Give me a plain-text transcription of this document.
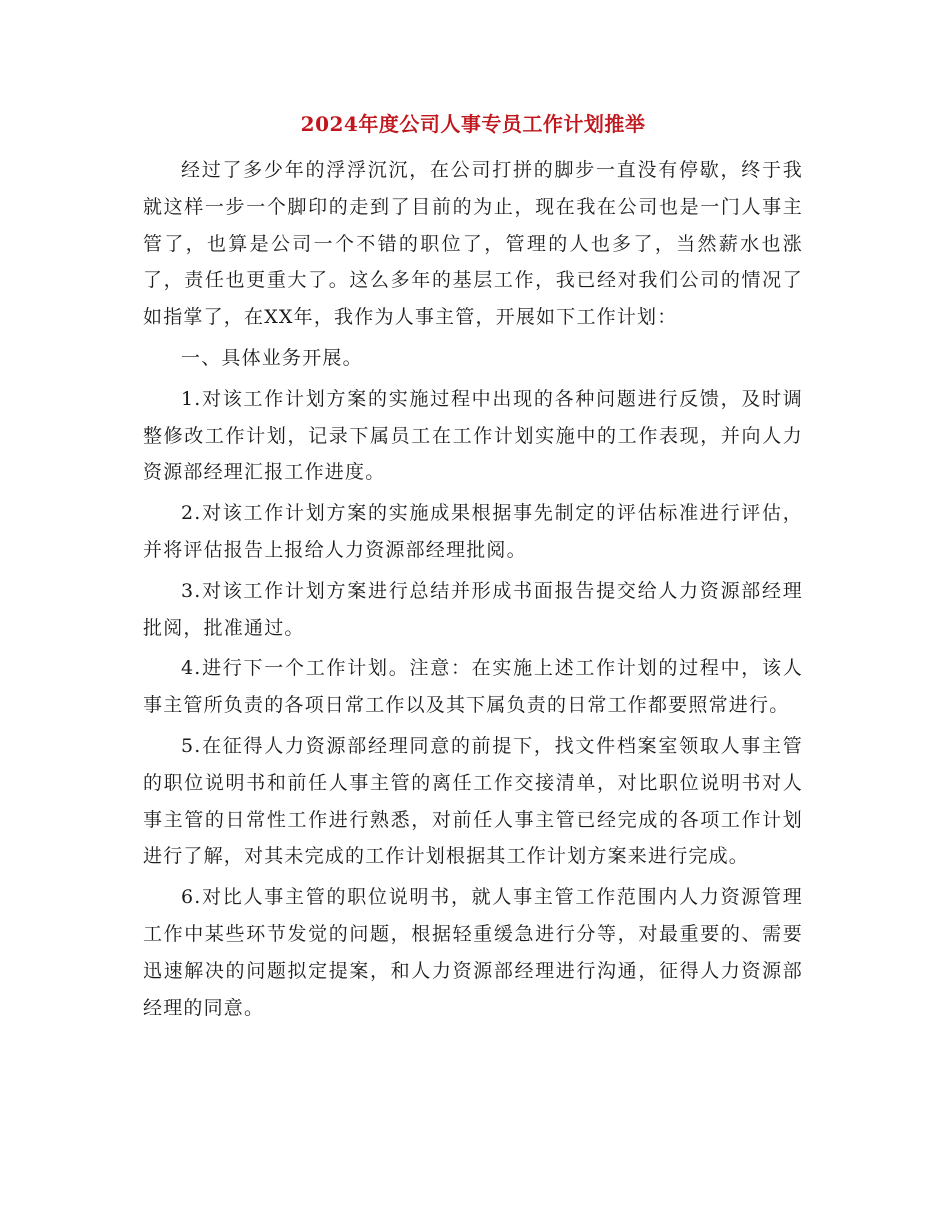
2024年度公司人事专员工作计划推举

经过了多少年的浮浮沉沉，在公司打拼的脚步一直没有停歇，终于我就这样一步一个脚印的走到了目前的为止，现在我在公司也是一门人事主管了，也算是公司一个不错的职位了，管理的人也多了，当然薪水也涨了，责任也更重大了。这么多年的基层工作，我已经对我们公司的情况了如指掌了，在XX年，我作为人事主管，开展如下工作计划：

一、具体业务开展。

1.对该工作计划方案的实施过程中出现的各种问题进行反馈，及时调整修改工作计划，记录下属员工在工作计划实施中的工作表现，并向人力资源部经理汇报工作进度。

2.对该工作计划方案的实施成果根据事先制定的评估标准进行评估，并将评估报告上报给人力资源部经理批阅。

3.对该工作计划方案进行总结并形成书面报告提交给人力资源部经理批阅，批准通过。

4.进行下一个工作计划。注意：在实施上述工作计划的过程中，该人事主管所负责的各项日常工作以及其下属负责的日常工作都要照常进行。

5.在征得人力资源部经理同意的前提下，找文件档案室领取人事主管的职位说明书和前任人事主管的离任工作交接清单，对比职位说明书对人事主管的日常性工作进行熟悉，对前任人事主管已经完成的各项工作计划进行了解，对其未完成的工作计划根据其工作计划方案来进行完成。

6.对比人事主管的职位说明书，就人事主管工作范围内人力资源管理工作中某些环节发觉的问题，根据轻重缓急进行分等，对最重要的、需要迅速解决的问题拟定提案，和人力资源部经理进行沟通，征得人力资源部经理的同意。
